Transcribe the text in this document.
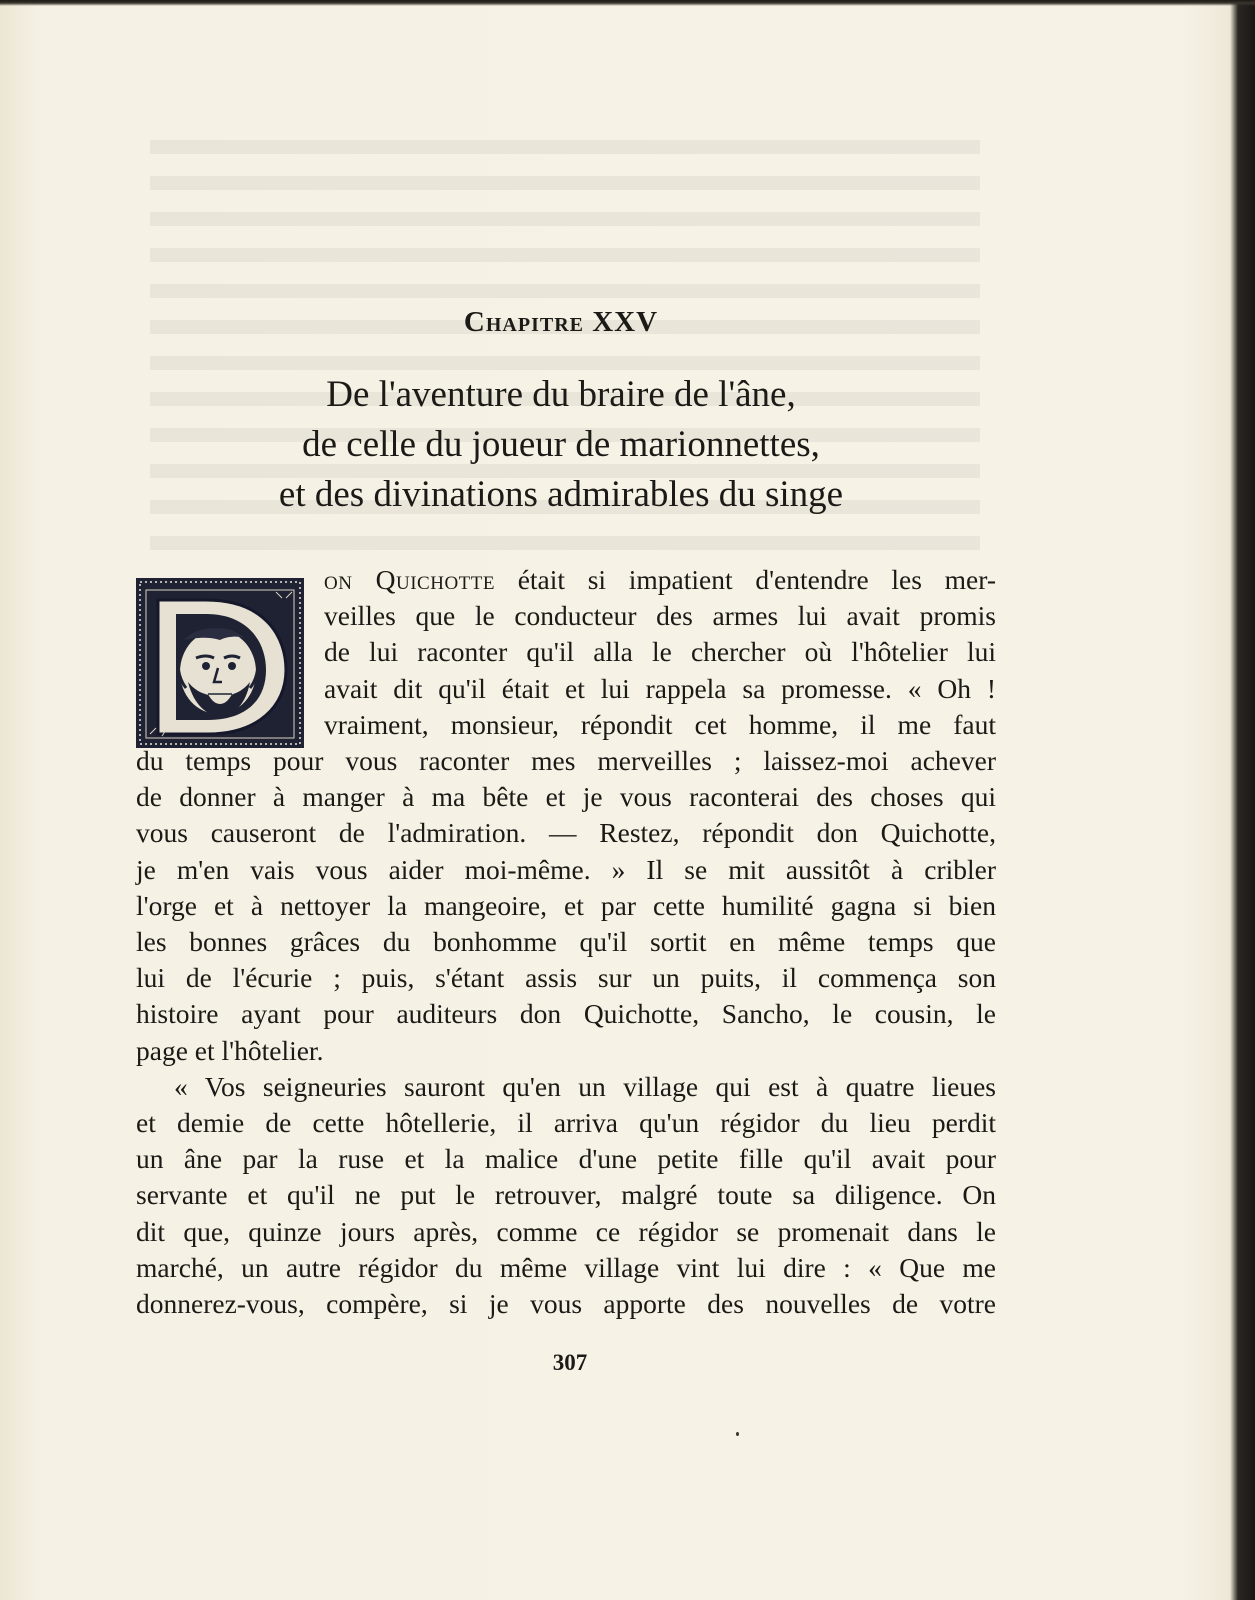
Chapitre XXV
De l'aventure du braire de l'âne,
de celle du joueur de marionnettes,
et des divinations admirables du singe
on Quichotte était si impatient d'entendre les mer-
veilles que le conducteur des armes lui avait promis
de lui raconter qu'il alla le chercher où l'hôtelier lui
avait dit qu'il était et lui rappela sa promesse. « Oh !
vraiment, monsieur, répondit cet homme, il me faut
du temps pour vous raconter mes merveilles ; laissez-moi achever
de donner à manger à ma bête et je vous raconterai des choses qui
vous causeront de l'admiration. — Restez, répondit don Quichotte,
je m'en vais vous aider moi-même. » Il se mit aussitôt à cribler
l'orge et à nettoyer la mangeoire, et par cette humilité gagna si bien
les bonnes grâces du bonhomme qu'il sortit en même temps que
lui de l'écurie ; puis, s'étant assis sur un puits, il commença son
histoire ayant pour auditeurs don Quichotte, Sancho, le cousin, le
page et l'hôtelier.
« Vos seigneuries sauront qu'en un village qui est à quatre lieues
et demie de cette hôtellerie, il arriva qu'un régidor du lieu perdit
un âne par la ruse et la malice d'une petite fille qu'il avait pour
servante et qu'il ne put le retrouver, malgré toute sa diligence. On
dit que, quinze jours après, comme ce régidor se promenait dans le
marché, un autre régidor du même village vint lui dire : « Que me
donnerez-vous, compère, si je vous apporte des nouvelles de votre
307
